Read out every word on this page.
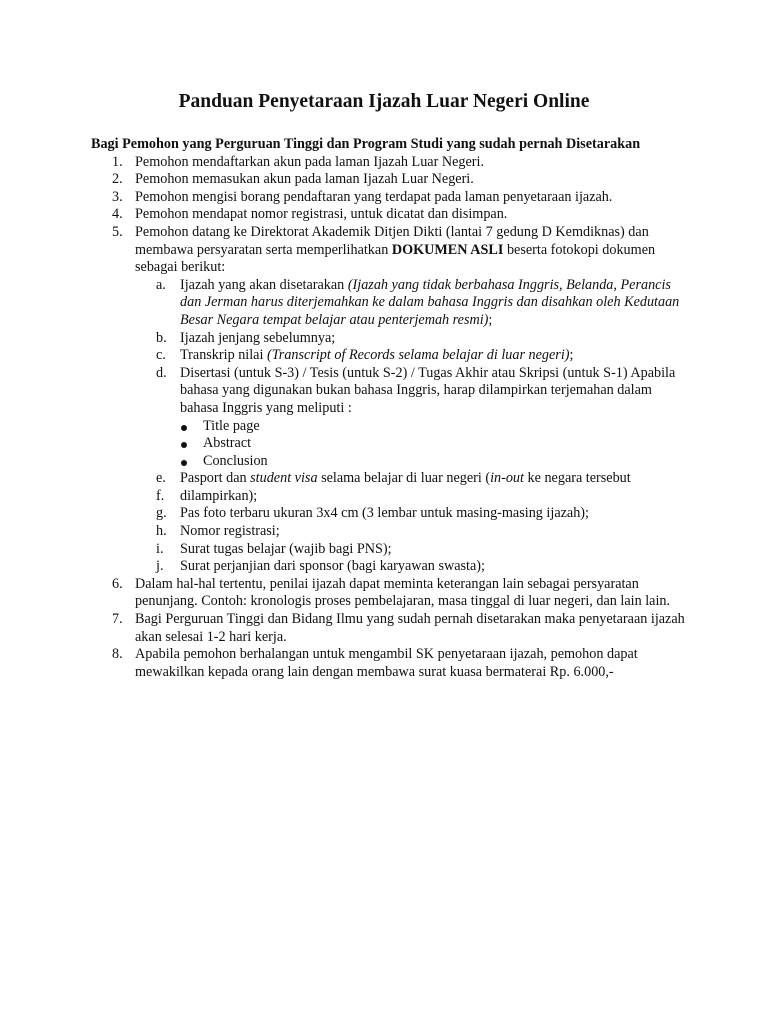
Panduan Penyetaraan Ijazah Luar Negeri Online

Bagi Pemohon yang Perguruan Tinggi dan Program Studi yang sudah pernah Disetarakan

1. Pemohon mendaftarkan akun pada laman Ijazah Luar Negeri.
2. Pemohon memasukan akun pada laman Ijazah Luar Negeri.
3. Pemohon mengisi borang pendaftaran yang terdapat pada laman penyetaraan ijazah.
4. Pemohon mendapat nomor registrasi, untuk dicatat dan disimpan.
5. Pemohon datang ke Direktorat Akademik Ditjen Dikti (lantai 7 gedung D Kemdiknas) dan membawa persyaratan serta memperlihatkan DOKUMEN ASLI beserta fotokopi dokumen sebagai berikut:
a. Ijazah yang akan disetarakan (Ijazah yang tidak berbahasa Inggris, Belanda, Perancis dan Jerman harus diterjemahkan ke dalam bahasa Inggris dan disahkan oleh Kedutaan Besar Negara tempat belajar atau penterjemah resmi);
b. Ijazah jenjang sebelumnya;
c. Transkrip nilai (Transcript of Records selama belajar di luar negeri);
d. Disertasi (untuk S-3) / Tesis (untuk S-2) / Tugas Akhir atau Skripsi (untuk S-1) Apabila bahasa yang digunakan bukan bahasa Inggris, harap dilampirkan terjemahan dalam bahasa Inggris yang meliputi :
Title page
Abstract
Conclusion
e. Pasport dan student visa selama belajar di luar negeri (in-out ke negara tersebut
f. dilampirkan);
g. Pas foto terbaru ukuran 3x4 cm (3 lembar untuk masing-masing ijazah);
h. Nomor registrasi;
i. Surat tugas belajar (wajib bagi PNS);
j. Surat perjanjian dari sponsor (bagi karyawan swasta);
6. Dalam hal-hal tertentu, penilai ijazah dapat meminta keterangan lain sebagai persyaratan penunjang. Contoh: kronologis proses pembelajaran, masa tinggal di luar negeri, dan lain lain.
7. Bagi Perguruan Tinggi dan Bidang Ilmu yang sudah pernah disetarakan maka penyetaraan ijazah akan selesai 1-2 hari kerja.
8. Apabila pemohon berhalangan untuk mengambil SK penyetaraan ijazah, pemohon dapat mewakilkan kepada orang lain dengan membawa surat kuasa bermaterai Rp. 6.000,-
